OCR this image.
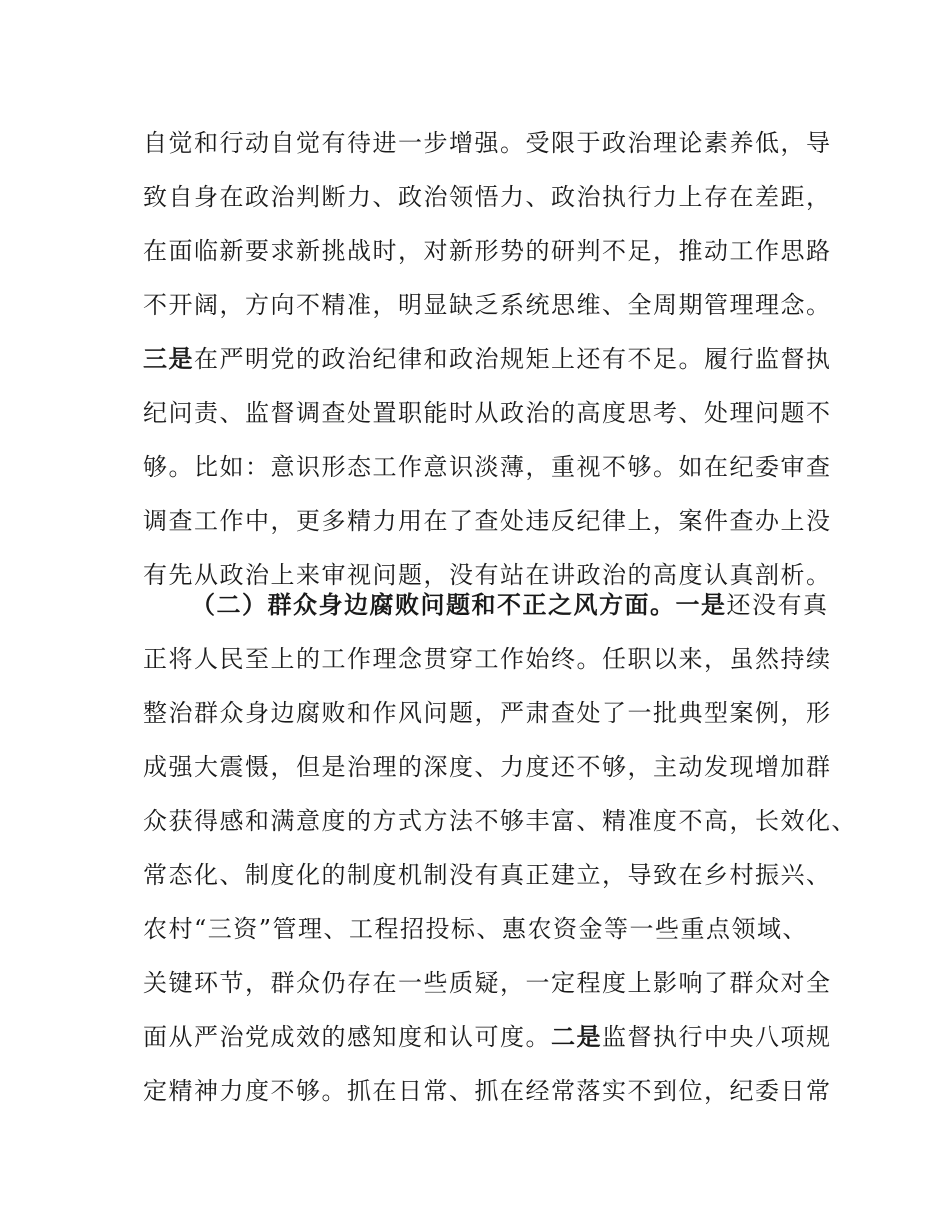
自觉和行动自觉有待进一步增强。受限于政治理论素养低，导
致自身在政治判断力、政治领悟力、政治执行力上存在差距，
在面临新要求新挑战时，对新形势的研判不足，推动工作思路
不开阔，方向不精准，明显缺乏系统思维、全周期管理理念。
三是在严明党的政治纪律和政治规矩上还有不足。履行监督执
纪问责、监督调查处置职能时从政治的高度思考、处理问题不
够。比如：意识形态工作意识淡薄，重视不够。如在纪委审查
调查工作中，更多精力用在了查处违反纪律上，案件查办上没
有先从政治上来审视问题，没有站在讲政治的高度认真剖析。
（二）群众身边腐败问题和不正之风方面。一是还没有真
正将人民至上的工作理念贯穿工作始终。任职以来，虽然持续
整治群众身边腐败和作风问题，严肃查处了一批典型案例，形
成强大震慑，但是治理的深度、力度还不够，主动发现增加群
众获得感和满意度的方式方法不够丰富、精准度不高，长效化、
常态化、制度化的制度机制没有真正建立，导致在乡村振兴、
农村“三资”管理、工程招投标、惠农资金等一些重点领域、
关键环节，群众仍存在一些质疑，一定程度上影响了群众对全
面从严治党成效的感知度和认可度。二是监督执行中央八项规
定精神力度不够。抓在日常、抓在经常落实不到位，纪委日常
